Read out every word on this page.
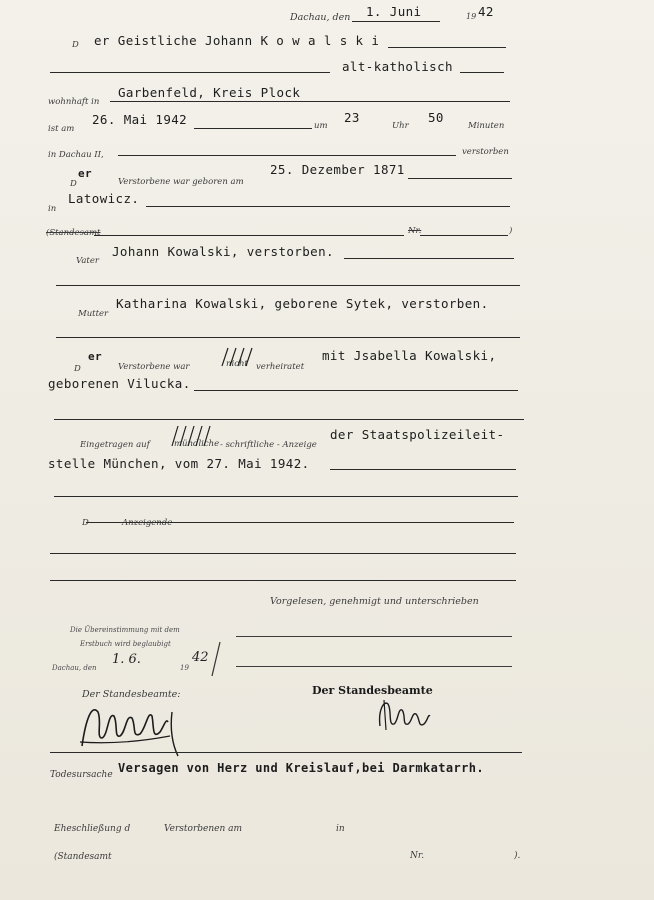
Dachau, den 1. Juni	19 42
D er Geistliche Johann K o w a l s k i
alt-katholisch
wohnhaft in
Garbenfeld, Kreis Plock
ist am
26. Mai 1942	um
23
Uhr
50
Minuten
in Dachau II,	verstorben
D
er
Verstorbene war geboren am
25. Dezember 1871
in
Latowicz.
(Standesamt	Nr.	)
Vater
Johann Kowalski, verstorben.
Mutter
Katharina Kowalski, geborene Sytek, verstorben.
D
er
Verstorbene war	nicht verheiratet
mit Jsabella Kowalski,
geborenen Vilucka.
Eingetragen auf	mündliche - schriftliche - Anzeige
der Staatspolizeileit-
stelle München, vom 27. Mai 1942.
D	Anzeigende
Vorgelesen, genehmigt und unterschrieben
Die Übereinstimmung mit dem
Erstbuch wird beglaubigt
Dachau, den
1. 6.
19
42
Der Standesbeamte:	Der Standesbeamte
Todesursache Versagen von Herz und Kreislauf,bei Darmkatarrh.
Eheschließung d	Verstorbenen am	in
(Standesamt	Nr.	).
